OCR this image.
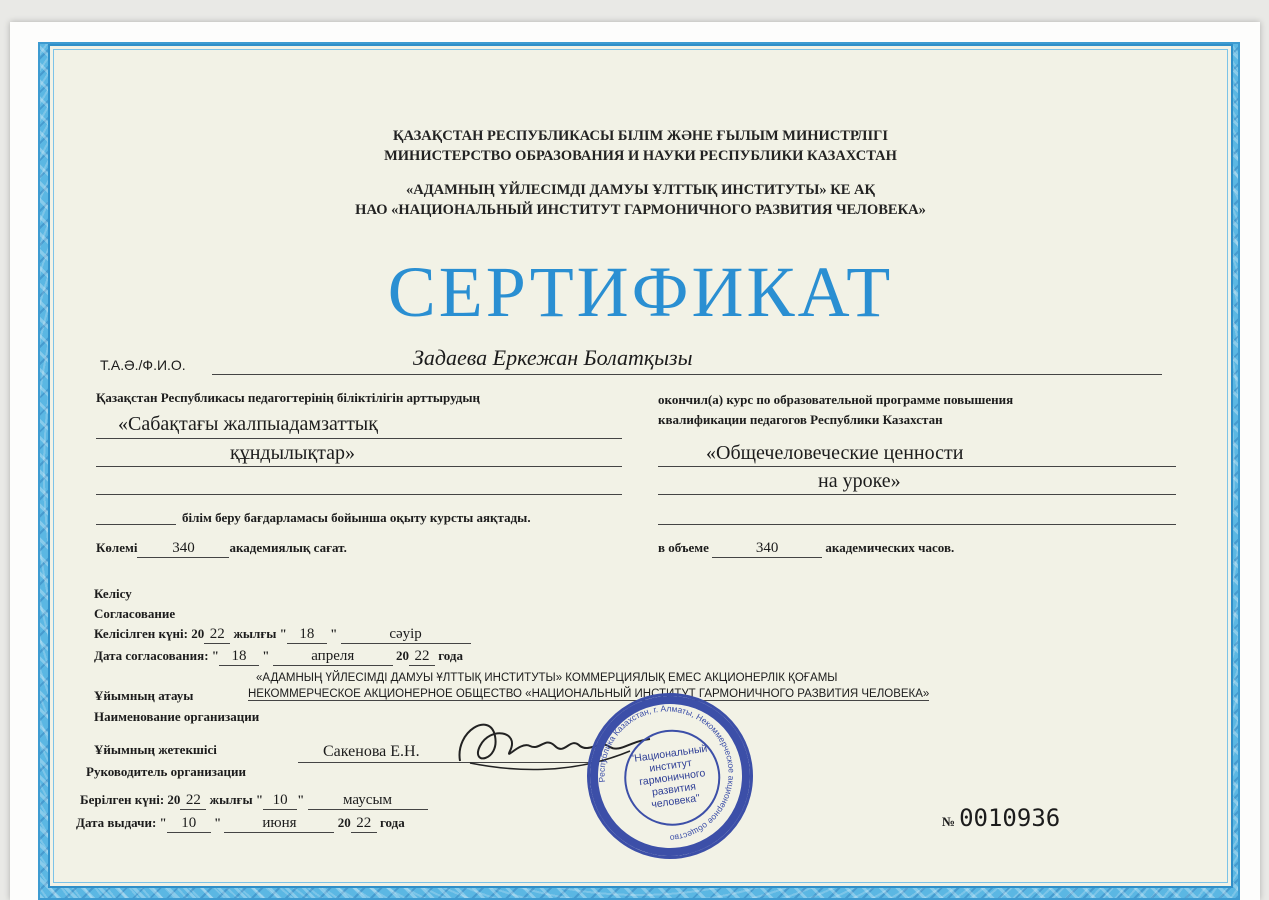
ҚАЗАҚСТАН РЕСПУБЛИКАСЫ БІЛІМ ЖӘНЕ ҒЫЛЫМ МИНИСТРЛІГІ
МИНИСТЕРСТВО ОБРАЗОВАНИЯ И НАУКИ РЕСПУБЛИКИ КАЗАХСТАН
«АДАМНЫҢ ҮЙЛЕСІМДІ ДАМУЫ ҰЛТТЫҚ ИНСТИТУТЫ» КЕ АҚ
НАО «НАЦИОНАЛЬНЫЙ ИНСТИТУТ ГАРМОНИЧНОГО РАЗВИТИЯ ЧЕЛОВЕКА»
СЕРТИФИКАТ
Т.А.Ә./Ф.И.О.	Задаева Еркежан Болатқызы
Қазақстан Республикасы педагогтерінің біліктілігін арттырудың
«Сабақтағы жалпыадамзаттық
құндылықтар»
білім беру бағдарламасы бойынша оқыту курсты аяқтады.
Көлемі 340	академиялық сағат.
окончил(а) курс по образовательной программе повышения
квалификации педагогов Республики Казахстан
«Общечеловеческие ценности
на уроке»
в объеме	340	академических часов.
Келісу
Согласование
Келісілген күні: 20 22 жылғы " 18 "	сәуір
Дата согласования: " 18 "	апреля	20 22 года
«АДАМНЫҢ ҮЙЛЕСІМДІ ДАМУЫ ҰЛТТЫҚ ИНСТИТУТЫ» КОММЕРЦИЯЛЫҚ ЕМЕС АКЦИОНЕРЛІК ҚОҒАМЫ
Ұйымның атауы	НЕКОММЕРЧЕСКОЕ АКЦИОНЕРНОЕ ОБЩЕСТВО «НАЦИОНАЛЬНЫЙ ИНСТИТУТ ГАРМОНИЧНОГО РАЗВИТИЯ ЧЕЛОВЕКА»
Наименование организации
Ұйымның жетекшісі
Руководитель организации
Сакенова Е.Н.
Берілген күні: 20 22 жылғы " 10 "	маусым
Дата выдачи: " 10 "	июня	20 22 года	№ 0010936
Республика Казахстан, г. Алматы, Некоммерческое акционерное общество
"Национальный институт гармоничного развития человека"
